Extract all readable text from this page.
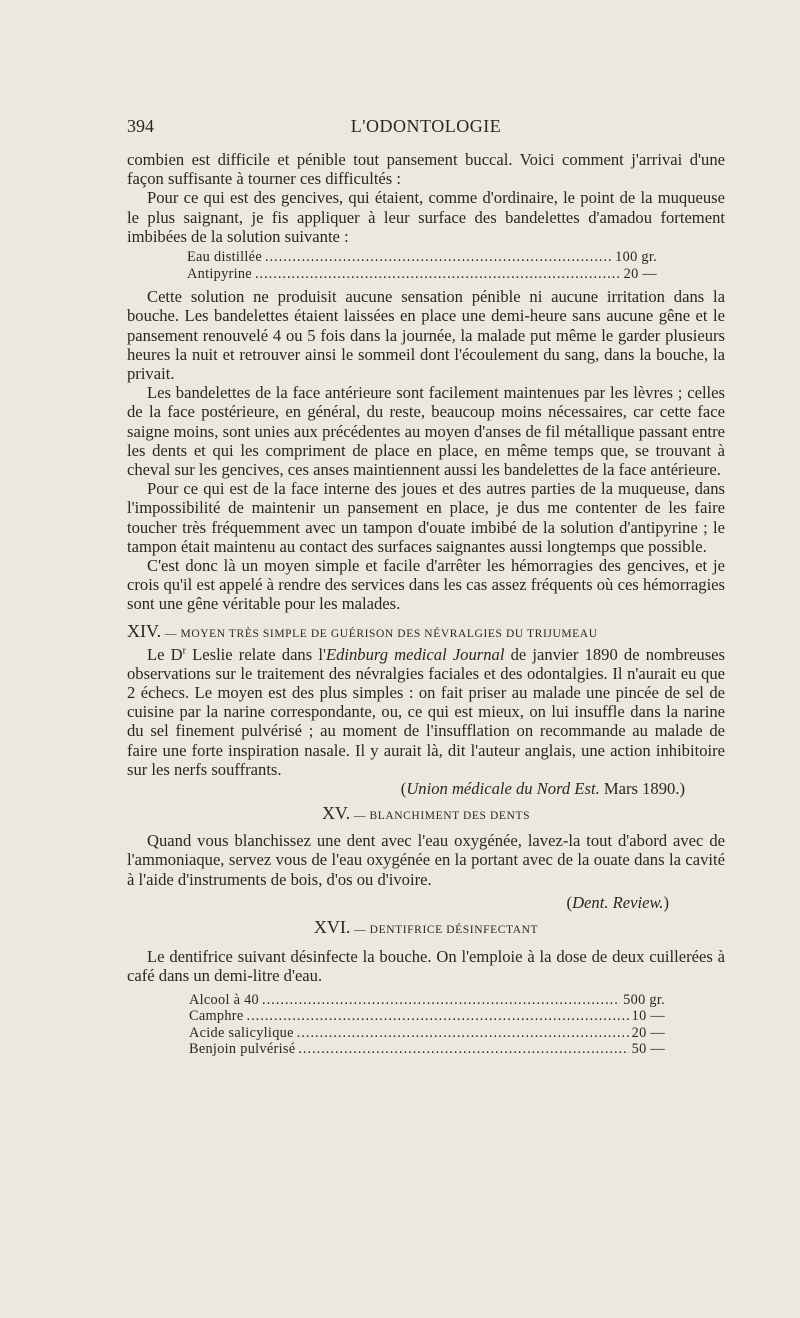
394	L'ODONTOLOGIE

combien est difficile et pénible tout pansement buccal. Voici comment j'arrivai d'une façon suffisante à tourner ces difficultés :

Pour ce qui est des gencives, qui étaient, comme d'ordinaire, le point de la muqueuse le plus saignant, je fis appliquer à leur surface des bandelettes d'amadou fortement imbibées de la solution suivante :

Eau distillée .....	100 gr.
Antipyrine .....	20 —

Cette solution ne produisit aucune sensation pénible ni aucune irritation dans la bouche. Les bandelettes étaient laissées en place une demi-heure sans aucune gêne et le pansement renouvelé 4 ou 5 fois dans la journée, la malade put même le garder plusieurs heures la nuit et retrouver ainsi le sommeil dont l'écoulement du sang, dans la bouche, la privait.

Les bandelettes de la face antérieure sont facilement maintenues par les lèvres ; celles de la face postérieure, en général, du reste, beaucoup moins nécessaires, car cette face saigne moins, sont unies aux précédentes au moyen d'anses de fil métallique passant entre les dents et qui les compriment de place en place, en même temps que, se trouvant à cheval sur les gencives, ces anses maintiennent aussi les bandelettes de la face antérieure.

Pour ce qui est de la face interne des joues et des autres parties de la muqueuse, dans l'impossibilité de maintenir un pansement en place, je dus me contenter de les faire toucher très fréquemment avec un tampon d'ouate imbibé de la solution d'antipyrine ; le tampon était maintenu au contact des surfaces saignantes aussi longtemps que possible.

C'est donc là un moyen simple et facile d'arrêter les hémorragies des gencives, et je crois qu'il est appelé à rendre des services dans les cas assez fréquents où ces hémorragies sont une gêne véritable pour les malades.

XIV. — MOYEN TRÈS SIMPLE DE GUÉRISON DES NÉVRALGIES DU TRIJUMEAU

Le $D^r$ Leslie relate dans l'Edinburg medical Journal de janvier 1890 de nombreuses observations sur le traitement des névralgies faciales et des odontalgies. Il n'aurait eu que 2 échecs. Le moyen est des plus simples : on fait priser au malade une pincée de sel de cuisine par la narine correspondante, ou, ce qui est mieux, on lui insuffle dans la narine du sel finement pulvérisé ; au moment de l'insufflation on recommande au malade de faire une forte inspiration nasale. Il y aurait là, dit l'auteur anglais, une action inhibitoire sur les nerfs souffrants.

(Union médicale du Nord Est. Mars 1890.)
XV. — BLANCHIMENT DES DENTS

Quand vous blanchissez une dent avec l'eau oxygénée, lavez-la tout d'abord avec de l'ammoniaque, servez vous de l'eau oxygénée en la portant avec de la ouate dans la cavité à l'aide d'instruments de bois, d'os ou d'ivoire.

(Dent. Review.)
XVI. — DENTIFRICE DÉSINFECTANT

Le dentifrice suivant désinfecte la bouche. On l'emploie à la dose de deux cuillerées à café dans un demi-litre d'eau.

Alcool à 40 .....	500 gr.
Camphre .....	10 —
Acide salicylique .....	20 —
Benjoin pulvérisé .....	50 —
